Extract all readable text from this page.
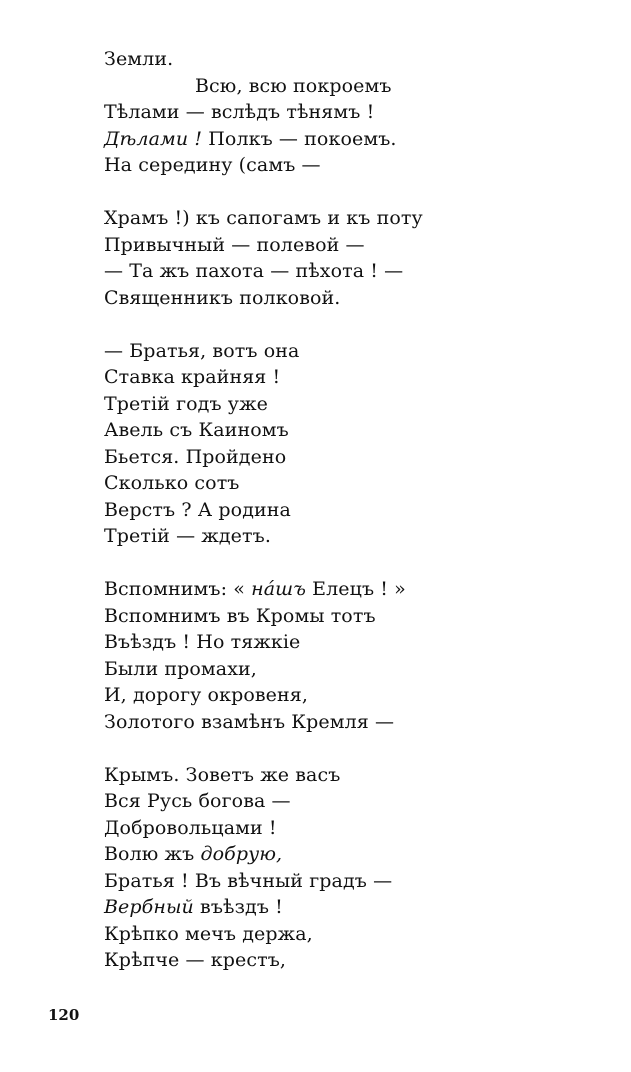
Земли.
Всю, всю покроемъ
Тѣлами — вслѣдъ тѣнямъ !
Дѣлами ! Полкъ — покоемъ.
На середину (самъ —
Храмъ !) къ сапогамъ и къ поту
Привычный — полевой —
— Та жъ пахота — пѣхота ! —
Священникъ полковой.
— Братья, вотъ она
Ставка крайняя !
Третій годъ уже
Авель съ Каиномъ
Бьется. Пройдено
Сколько сотъ
Верстъ ? А родина
Третій — ждетъ.
Вспомнимъ: « нáшъ Елецъ ! »
Вспомнимъ въ Кромы тотъ
Въѣздъ ! Но тяжкіе
Были промахи,
И, дорогу окровеня,
Золотого взамѣнъ Кремля —
Крымъ. Зоветъ же васъ
Вся Русь богова —
Добровольцами !
Волю жъ добрую,
Братья ! Въ вѣчный градъ —
Вербный въѣздъ !
Крѣпко мечъ держа,
Крѣпче — крестъ,
120
